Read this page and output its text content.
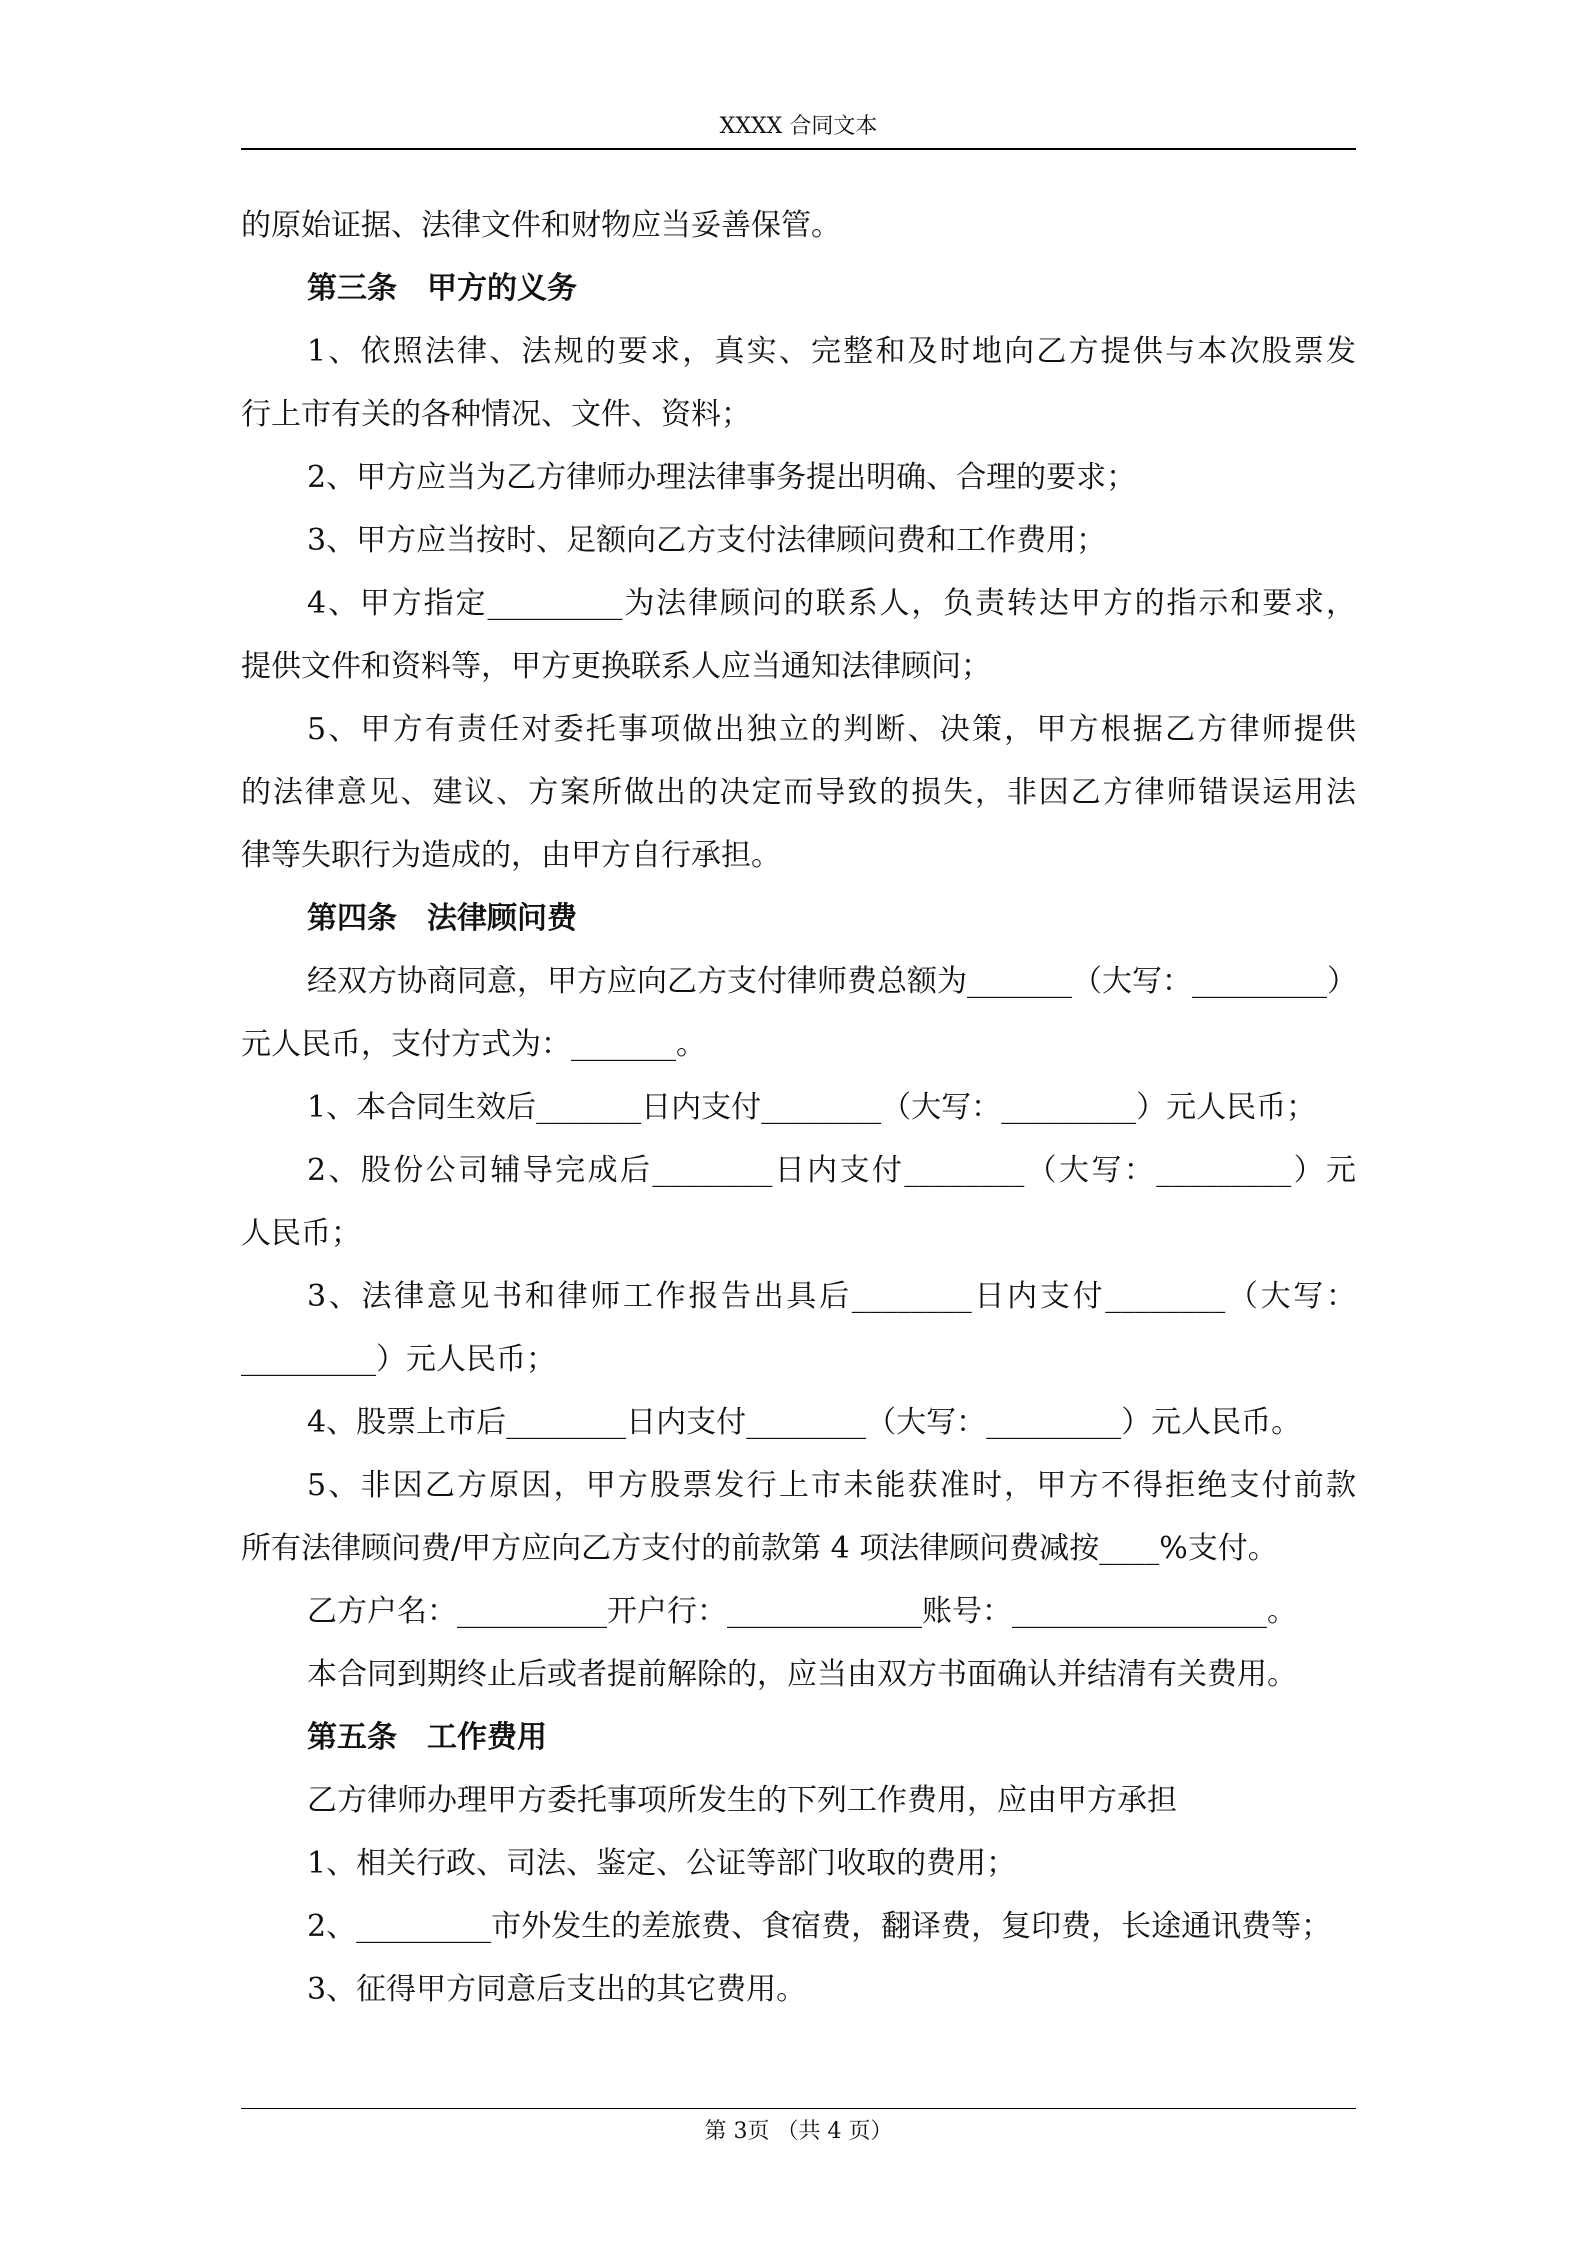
XXXX 合同文本
的原始证据、法律文件和财物应当妥善保管。
第三条　甲方的义务
1、依照法律、法规的要求，真实、完整和及时地向乙方提供与本次股票发
行上市有关的各种情况、文件、资料；
2、甲方应当为乙方律师办理法律事务提出明确、合理的要求；
3、甲方应当按时、足额向乙方支付法律顾问费和工作费用；
4、甲方指定_________为法律顾问的联系人，负责转达甲方的指示和要求，
提供文件和资料等，甲方更换联系人应当通知法律顾问；
5、甲方有责任对委托事项做出独立的判断、决策，甲方根据乙方律师提供
的法律意见、建议、方案所做出的决定而导致的损失，非因乙方律师错误运用法
律等失职行为造成的，由甲方自行承担。
第四条　法律顾问费
经双方协商同意，甲方应向乙方支付律师费总额为_______（大写：_________）
元人民币，支付方式为：_______。
1、本合同生效后_______日内支付________（大写：_________）元人民币；
2、股份公司辅导完成后________日内支付________（大写：_________）元
人民币；
3、法律意见书和律师工作报告出具后________日内支付________（大写：
_________）元人民币；
4、股票上市后________日内支付________（大写：_________）元人民币。
5、非因乙方原因，甲方股票发行上市未能获准时，甲方不得拒绝支付前款
所有法律顾问费/甲方应向乙方支付的前款第 4 项法律顾问费减按____%支付。
乙方户名：__________开户行：_____________账号：_________________。
本合同到期终止后或者提前解除的，应当由双方书面确认并结清有关费用。
第五条　工作费用
乙方律师办理甲方委托事项所发生的下列工作费用，应由甲方承担
1、相关行政、司法、鉴定、公证等部门收取的费用；
2、_________市外发生的差旅费、食宿费，翻译费，复印费，长途通讯费等；
3、征得甲方同意后支出的其它费用。
第 3页 （共 4 页）
